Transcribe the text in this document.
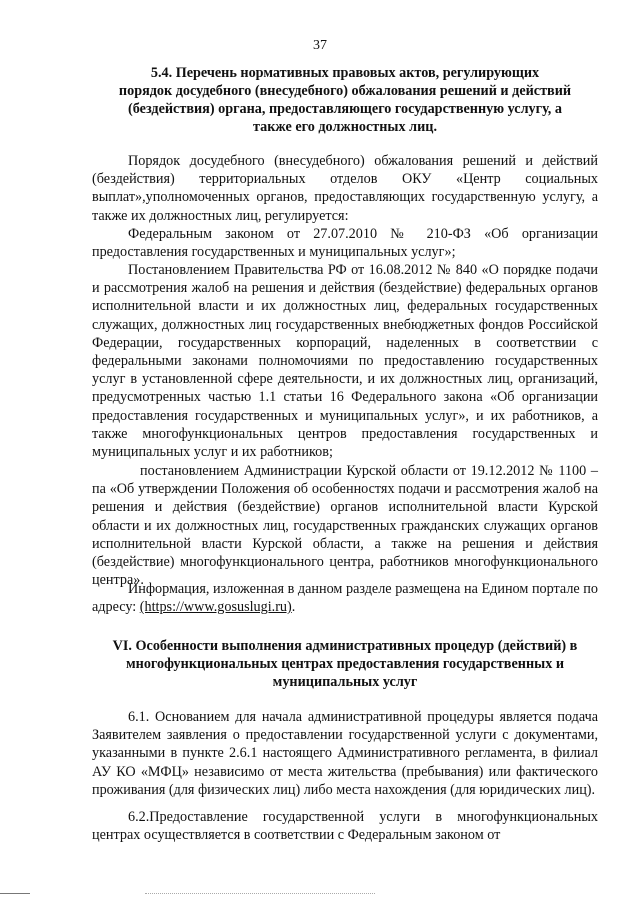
37
5.4. Перечень нормативных правовых актов, регулирующих
порядок досудебного (внесудебного) обжалования решений и действий
(бездействия) органа, предоставляющего государственную услугу, а
также его должностных лиц.
Порядок досудебного (внесудебного) обжалования решений и действий (бездействия) территориальных отделов ОКУ «Центр социальных выплат»,уполномоченных органов, предоставляющих государственную услугу, а также их должностных лиц, регулируется:
Федеральным законом от 27.07.2010 № 210-ФЗ «Об организации предоставления государственных и муниципальных услуг»;
Постановлением Правительства РФ от 16.08.2012 № 840 «О порядке подачи и рассмотрения жалоб на решения и действия (бездействие) федеральных органов исполнительной власти и их должностных лиц, федеральных государственных служащих, должностных лиц государственных внебюджетных фондов Российской Федерации, государственных корпораций, наделенных в соответствии с федеральными законами полномочиями по предоставлению государственных услуг в установленной сфере деятельности, и их должностных лиц, организаций, предусмотренных частью 1.1 статьи 16 Федерального закона «Об организации предоставления государственных и муниципальных услуг», и их работников, а также многофункциональных центров предоставления государственных и муниципальных услуг и их работников;
постановлением Администрации Курской области от 19.12.2012 № 1100 – па «Об утверждении Положения об особенностях подачи и рассмотрения жалоб на решения и действия (бездействие) органов исполнительной власти Курской области и их должностных лиц, государственных гражданских служащих органов исполнительной власти Курской области, а также на решения и действия (бездействие) многофункционального центра, работников многофункционального центра».
Информация, изложенная в данном разделе размещена на Едином портале по адресу: (https://www.gosuslugi.ru).
VI. Особенности выполнения административных процедур (действий) в
многофункциональных центрах предоставления государственных и
муниципальных услуг
6.1. Основанием для начала административной процедуры является подача Заявителем заявления о предоставлении государственной услуги с документами, указанными в пункте 2.6.1 настоящего Административного регламента, в филиал АУ КО «МФЦ» независимо от места жительства (пребывания) или фактического проживания (для физических лиц) либо места нахождения (для юридических лиц).
6.2.Предоставление государственной услуги в многофункциональных центрах осуществляется в соответствии с Федеральным законом от
